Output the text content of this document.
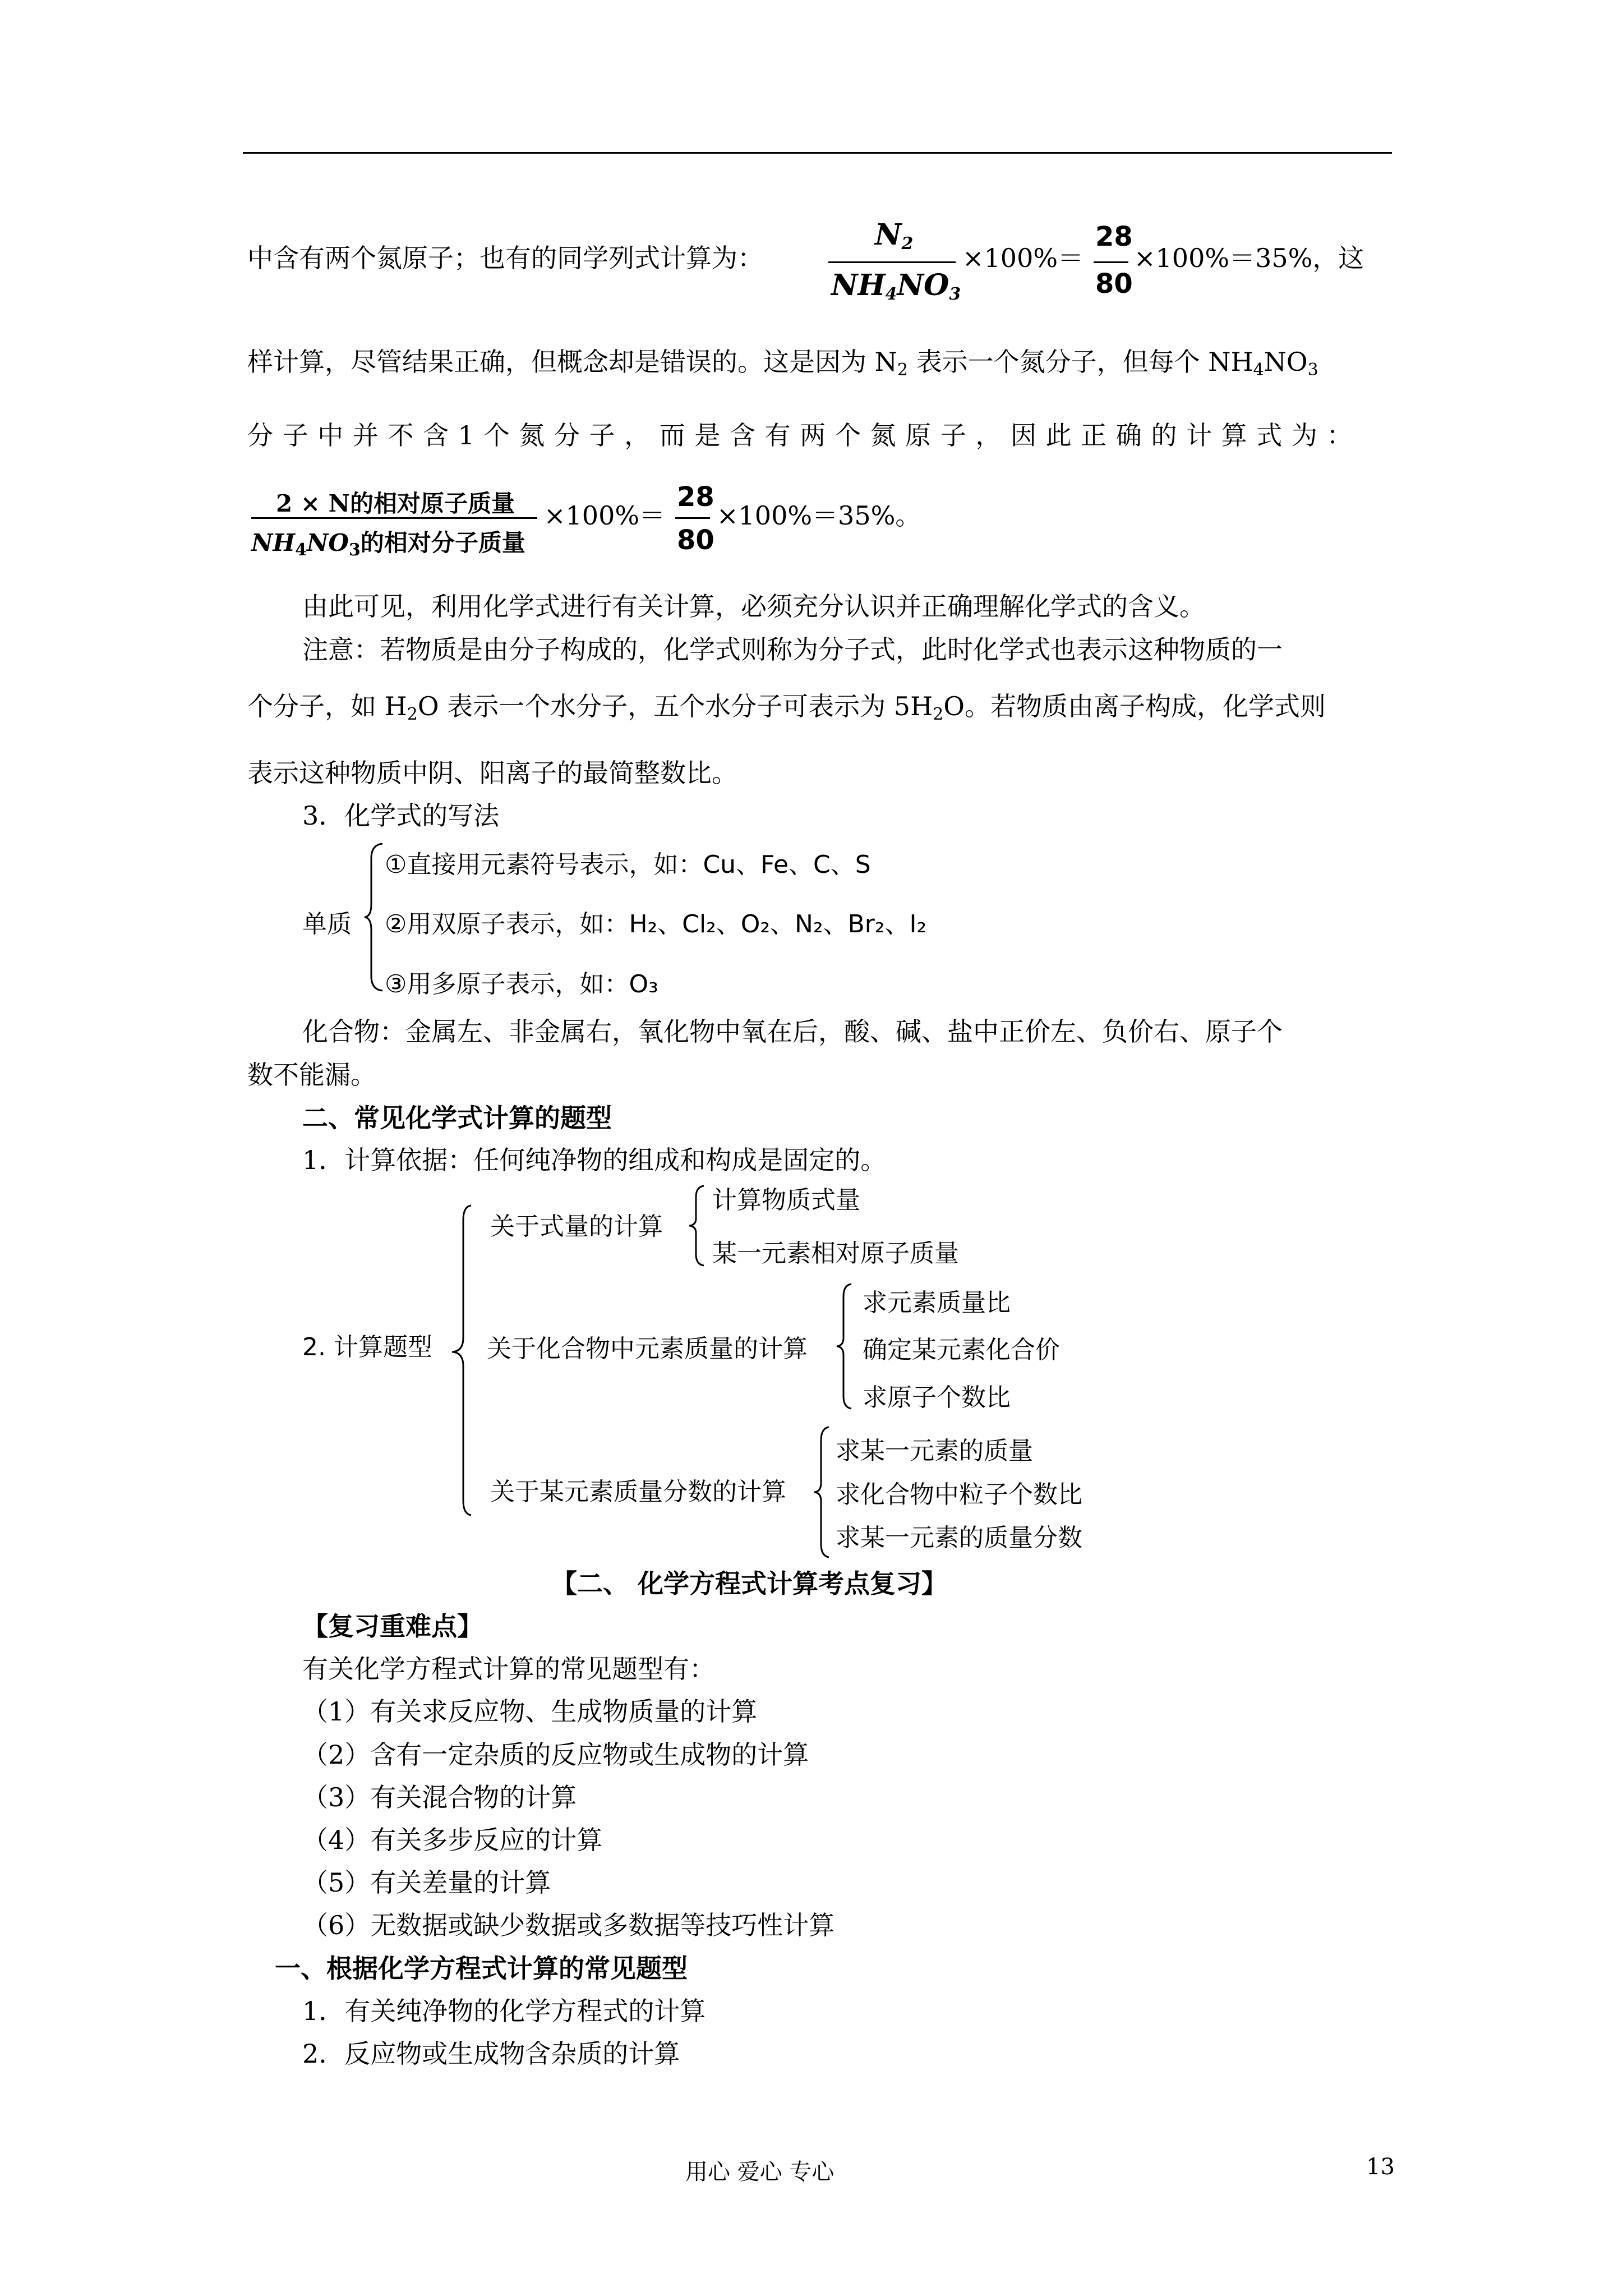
中含有两个氮原子；也有的同学列式计算为：
$N_2$
$NH_4NO_3$
×100%＝
28
80
×100%＝35%，这
样计算，尽管结果正确，但概念却是错误的。这是因为 $N_2$ 表示一个氮分子，但每个 $NH_4NO_3$
分 子 中 并 不 含 1 个 氮 分 子 ， 而 是 含 有 两 个 氮 原 子 ， 因 此 正 确 的 计 算 式 为 ：
2 × N的相对原子质量
$NH_4NO_3$的相对分子质量
×100%＝
28
80
×100%＝35%。
由此可见，利用化学式进行有关计算，必须充分认识并正确理解化学式的含义。
注意：若物质是由分子构成的，化学式则称为分子式，此时化学式也表示这种物质的一
个分子，如 $H_2O$ 表示一个水分子，五个水分子可表示为 $5H_2O$。若物质由离子构成，化学式则
表示这种物质中阴、阳离子的最简整数比。
3．化学式的写法
单质
①直接用元素符号表示，如：Cu、Fe、C、S
②用双原子表示，如：H₂、Cl₂、O₂、N₂、Br₂、I₂
③用多原子表示，如：O₃
化合物：金属左、非金属右，氧化物中氧在后，酸、碱、盐中正价左、负价右、原子个
数不能漏。
二、常见化学式计算的题型
1．计算依据：任何纯净物的组成和构成是固定的。
2. 计算题型
关于式量的计算
计算物质式量
某一元素相对原子质量
关于化合物中元素质量的计算
求元素质量比
确定某元素化合价
求原子个数比
关于某元素质量分数的计算
求某一元素的质量
求化合物中粒子个数比
求某一元素的质量分数
【二、 化学方程式计算考点复习】
【复习重难点】
有关化学方程式计算的常见题型有：
（1）有关求反应物、生成物质量的计算
（2）含有一定杂质的反应物或生成物的计算
（3）有关混合物的计算
（4）有关多步反应的计算
（5）有关差量的计算
（6）无数据或缺少数据或多数据等技巧性计算
一、根据化学方程式计算的常见题型
1．有关纯净物的化学方程式的计算
2．反应物或生成物含杂质的计算
用心 爱心 专心	13
